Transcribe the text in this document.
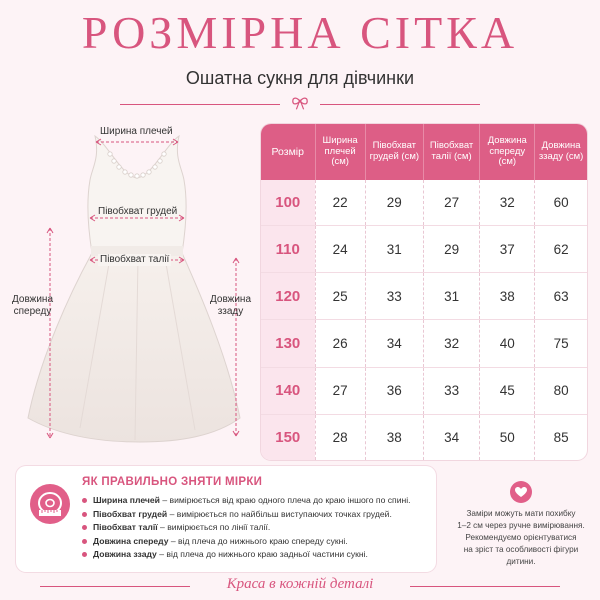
РОЗМІРНА СІТКА
Ошатна сукня для дівчинки
Ширина плечей
Півобхват грудей
Півобхват талії
Довжина
спереду
Довжина
ззаду
Розмір	Ширина плечей (см)	Півобхват грудей (см)	Півобхват талії (см)	Довжина спереду (см)	Довжина ззаду (см)
100	22	29	27	32	60
110	24	31	29	37	62
120	25	33	31	38	63
130	26	34	32	40	75
140	27	36	33	45	80
150	28	38	34	50	85
ЯК ПРАВИЛЬНО ЗНЯТИ МІРКИ
Ширина плечей – вимірюється від краю одного плеча до краю іншого по спині.
Півобхват грудей – вимірюється по найбільш виступаючих точках грудей.
Півобхват талії – вимірюється по лінії талії.
Довжина спереду – від плеча до нижнього краю спереду сукні.
Довжина ззаду – від плеча до нижнього краю задньої частини сукні.

Заміри можуть мати похибку

1–2 см через ручне вимірювання.

Рекомендуємо орієнтуватися

на зріст та особливості фігури

дитини.

Краса в кожній деталі
